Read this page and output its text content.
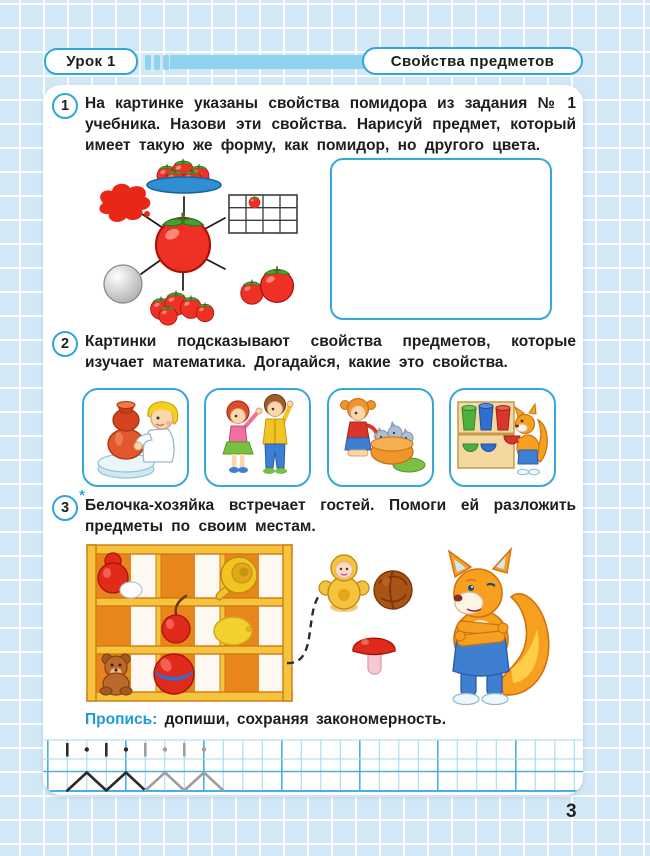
Урок 1	Свойства предметов
1	На картинке указаны свойства помидора из задания № 1 учебника. Назови эти свойства. Нарисуй предмет, который имеет такую же форму, как помидор, но другого цвета.

2	Картинки подсказывают свойства предметов, которые изучает математика. Догадайся, какие это свойства.

3
*

Белочка-хозяйка встречает гостей. Помоги ей разложить предметы по своим местам.

Пропись: допиши, сохраняя закономерность.

3
